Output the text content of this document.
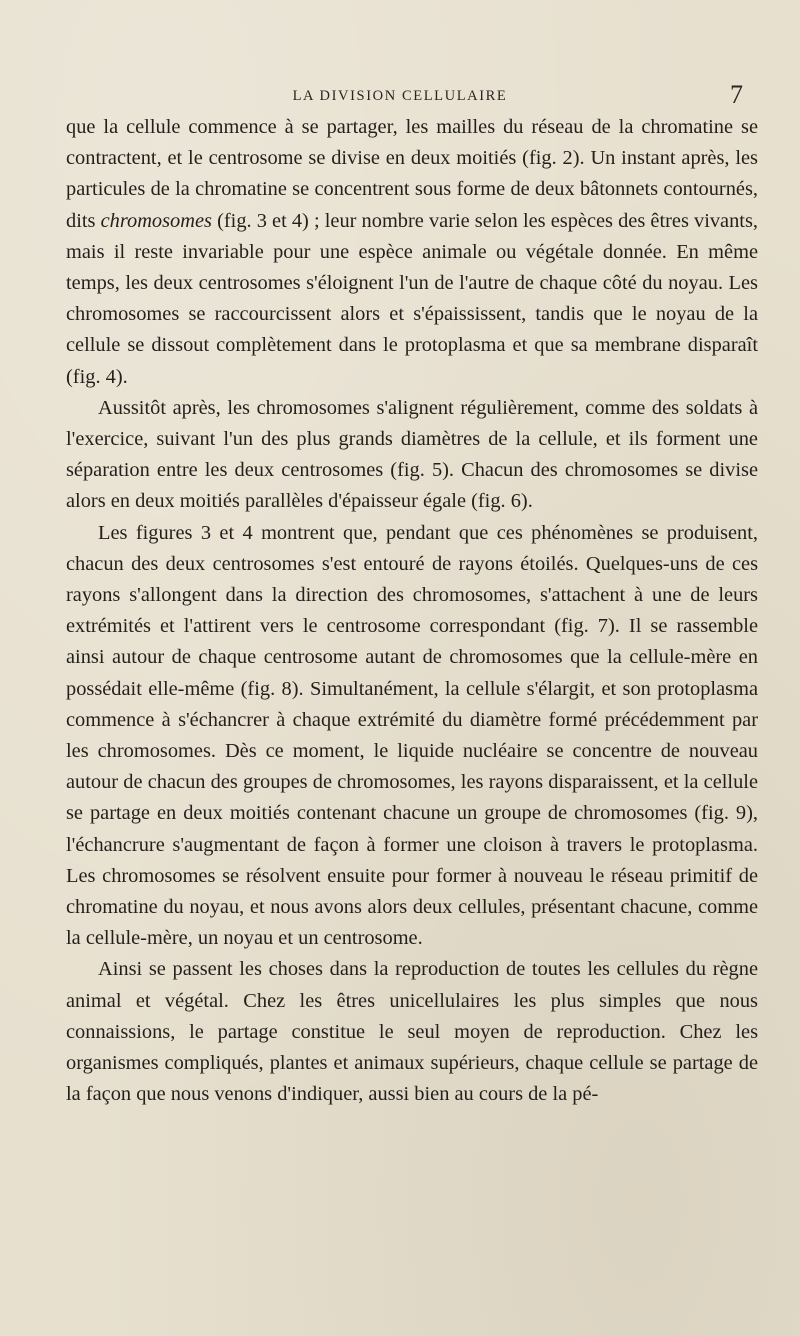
LA DIVISION CELLULAIRE	7

que la cellule commence à se partager, les mailles du réseau de la chromatine se contractent, et le centrosome se divise en deux moitiés (fig. 2). Un instant après, les particules de la chromatine se concentrent sous forme de deux bâtonnets contournés, dits chromosomes (fig. 3 et 4) ; leur nombre varie selon les espèces des êtres vivants, mais il reste invariable pour une espèce animale ou végétale donnée. En même temps, les deux centrosomes s'éloignent l'un de l'autre de chaque côté du noyau. Les chromosomes se raccourcissent alors et s'épaississent, tandis que le noyau de la cellule se dissout complètement dans le protoplasma et que sa membrane disparaît (fig. 4).

Aussitôt après, les chromosomes s'alignent régulièrement, comme des soldats à l'exercice, suivant l'un des plus grands diamètres de la cellule, et ils forment une séparation entre les deux centrosomes (fig. 5). Chacun des chromosomes se divise alors en deux moitiés parallèles d'épaisseur égale (fig. 6).

Les figures 3 et 4 montrent que, pendant que ces phénomènes se produisent, chacun des deux centrosomes s'est entouré de rayons étoilés. Quelques-uns de ces rayons s'allongent dans la direction des chromosomes, s'attachent à une de leurs extrémités et l'attirent vers le centrosome correspondant (fig. 7). Il se rassemble ainsi autour de chaque centrosome autant de chromosomes que la cellule-mère en possédait elle-même (fig. 8). Simultanément, la cellule s'élargit, et son protoplasma commence à s'échancrer à chaque extrémité du diamètre formé précédemment par les chromosomes. Dès ce moment, le liquide nucléaire se concentre de nouveau autour de chacun des groupes de chromosomes, les rayons disparaissent, et la cellule se partage en deux moitiés contenant chacune un groupe de chromosomes (fig. 9), l'échancrure s'augmentant de façon à former une cloison à travers le protoplasma. Les chromosomes se résolvent ensuite pour former à nouveau le réseau primitif de chromatine du noyau, et nous avons alors deux cellules, présentant chacune, comme la cellule-mère, un noyau et un centrosome.

Ainsi se passent les choses dans la reproduction de toutes les cellules du règne animal et végétal. Chez les êtres unicellulaires les plus simples que nous connaissions, le partage constitue le seul moyen de reproduction. Chez les organismes compliqués, plantes et animaux supérieurs, chaque cellule se partage de la façon que nous venons d'indiquer, aussi bien au cours de la pé-
